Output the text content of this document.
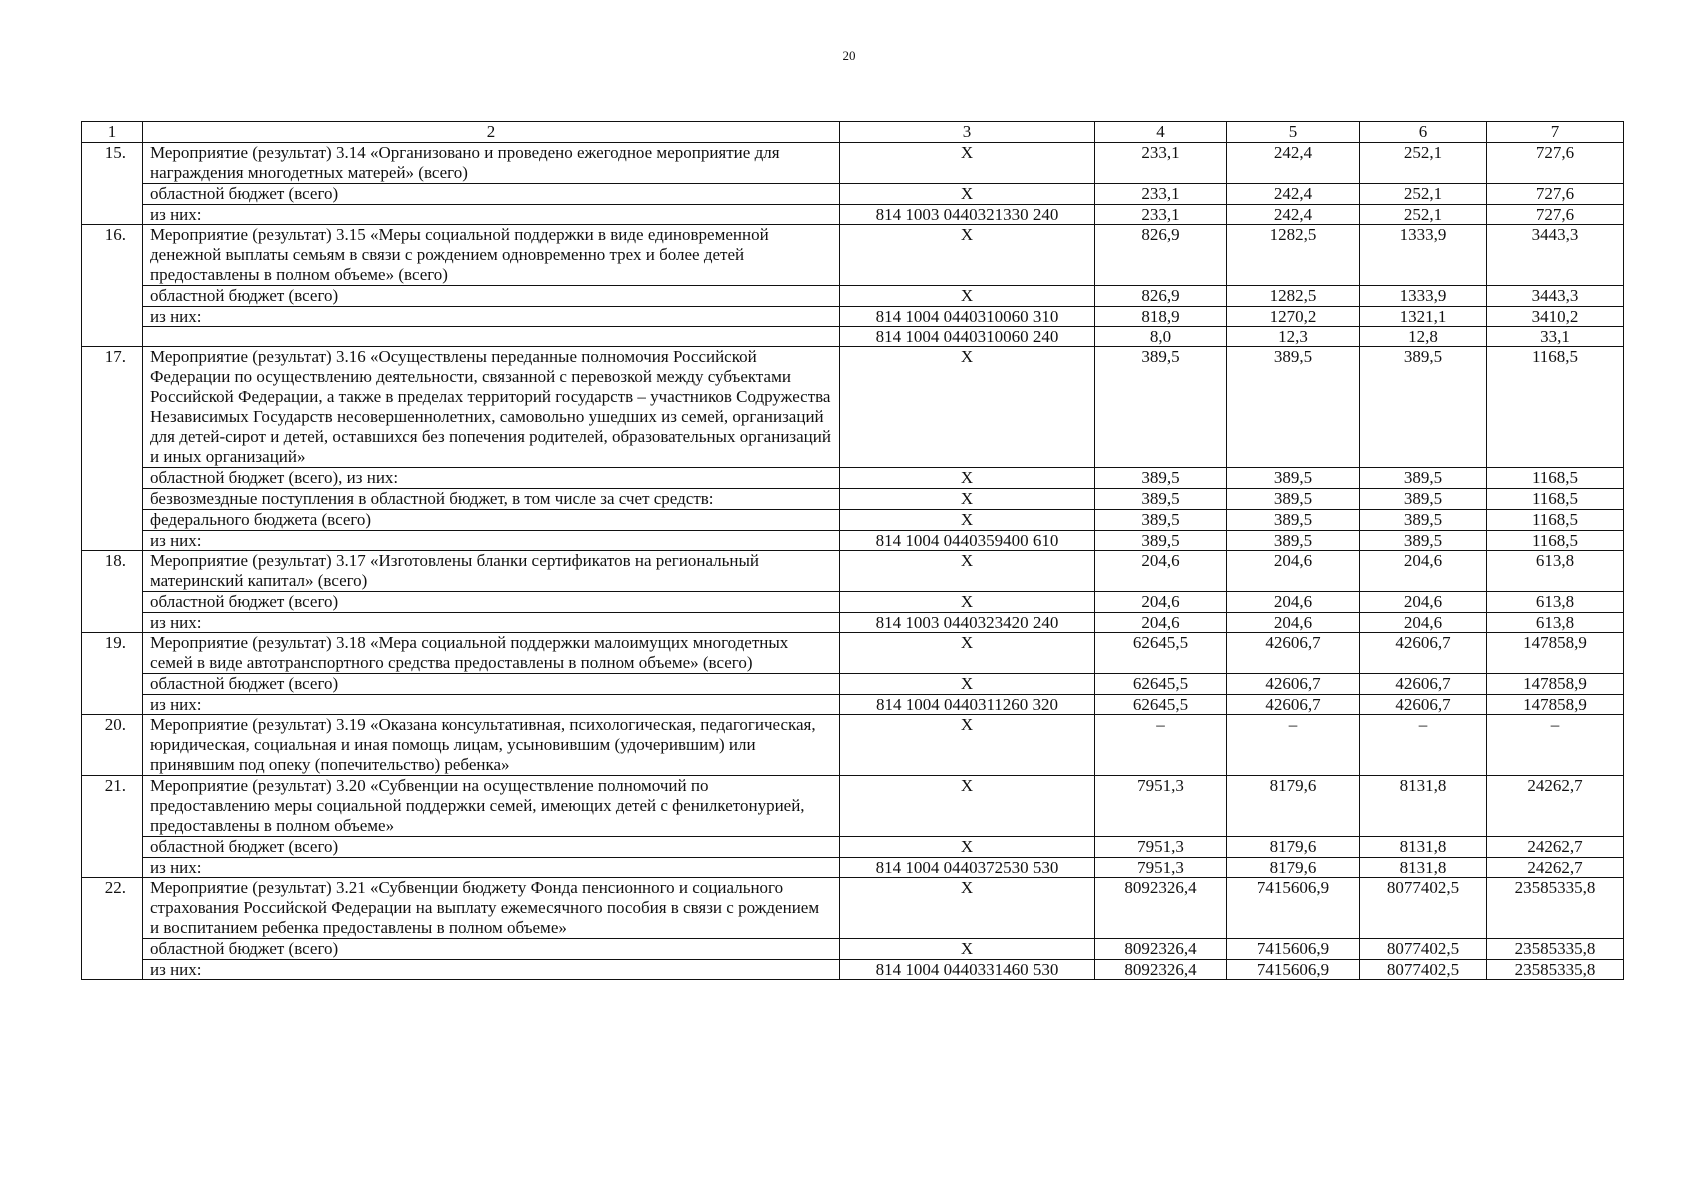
20
1	2	3	4	5	6	7
15.	Мероприятие (результат) 3.14 «Организовано и проведено ежегодное мероприятие для награждения многодетных матерей» (всего)	Х	233,1	242,4	252,1	727,6
	областной бюджет (всего)	Х	233,1	242,4	252,1	727,6
	из них:	814 1003 0440321330 240	233,1	242,4	252,1	727,6
16.	Мероприятие (результат) 3.15 «Меры социальной поддержки в виде единовременной денежной выплаты семьям в связи с рождением одновременно трех и более детей предоставлены в полном объеме» (всего)	Х	826,9	1282,5	1333,9	3443,3
	областной бюджет (всего)	Х	826,9	1282,5	1333,9	3443,3
	из них:	814 1004 0440310060 310	818,9	1270,2	1321,1	3410,2
		814 1004 0440310060 240	8,0	12,3	12,8	33,1
17.	Мероприятие (результат) 3.16 «Осуществлены переданные полномочия Российской Федерации по осуществлению деятельности, связанной с перевозкой между субъектами Российской Федерации, а также в пределах территорий государств – участников Содружества Независимых Государств несовершеннолетних, самовольно ушедших из семей, организаций для детей-сирот и детей, оставшихся без попечения родителей, образовательных организаций и иных организаций»	Х	389,5	389,5	389,5	1168,5
	областной бюджет (всего), из них:	Х	389,5	389,5	389,5	1168,5
	безвозмездные поступления в областной бюджет, в том числе за счет средств:	Х	389,5	389,5	389,5	1168,5
	федерального бюджета (всего)	Х	389,5	389,5	389,5	1168,5
	из них:	814 1004 0440359400 610	389,5	389,5	389,5	1168,5
18.	Мероприятие (результат) 3.17 «Изготовлены бланки сертификатов на региональный материнский капитал» (всего)	Х	204,6	204,6	204,6	613,8
	областной бюджет (всего)	Х	204,6	204,6	204,6	613,8
	из них:	814 1003 0440323420 240	204,6	204,6	204,6	613,8
19.	Мероприятие (результат) 3.18 «Мера социальной поддержки малоимущих многодетных семей в виде автотранспортного средства предоставлены в полном объеме» (всего)	Х	62645,5	42606,7	42606,7	147858,9
	областной бюджет (всего)	Х	62645,5	42606,7	42606,7	147858,9
	из них:	814 1004 0440311260 320	62645,5	42606,7	42606,7	147858,9
20.	Мероприятие (результат) 3.19 «Оказана консультативная, психологическая, педагогическая, юридическая, социальная и иная помощь лицам, усыновившим (удочерившим) или принявшим под опеку (попечительство) ребенка»	Х	–	–	–	–
21.	Мероприятие (результат) 3.20 «Субвенции на осуществление полномочий по предоставлению меры социальной поддержки семей, имеющих детей с фенилкетонурией, предоставлены в полном объеме»	Х	7951,3	8179,6	8131,8	24262,7
	областной бюджет (всего)	Х	7951,3	8179,6	8131,8	24262,7
	из них:	814 1004 0440372530 530	7951,3	8179,6	8131,8	24262,7
22.	Мероприятие (результат) 3.21 «Субвенции бюджету Фонда пенсионного и социального страхования Российской Федерации на выплату ежемесячного пособия в связи с рождением и воспитанием ребенка предоставлены в полном объеме»	Х	8092326,4	7415606,9	8077402,5	23585335,8
	областной бюджет (всего)	Х	8092326,4	7415606,9	8077402,5	23585335,8
	из них:	814 1004 0440331460 530	8092326,4	7415606,9	8077402,5	23585335,8
